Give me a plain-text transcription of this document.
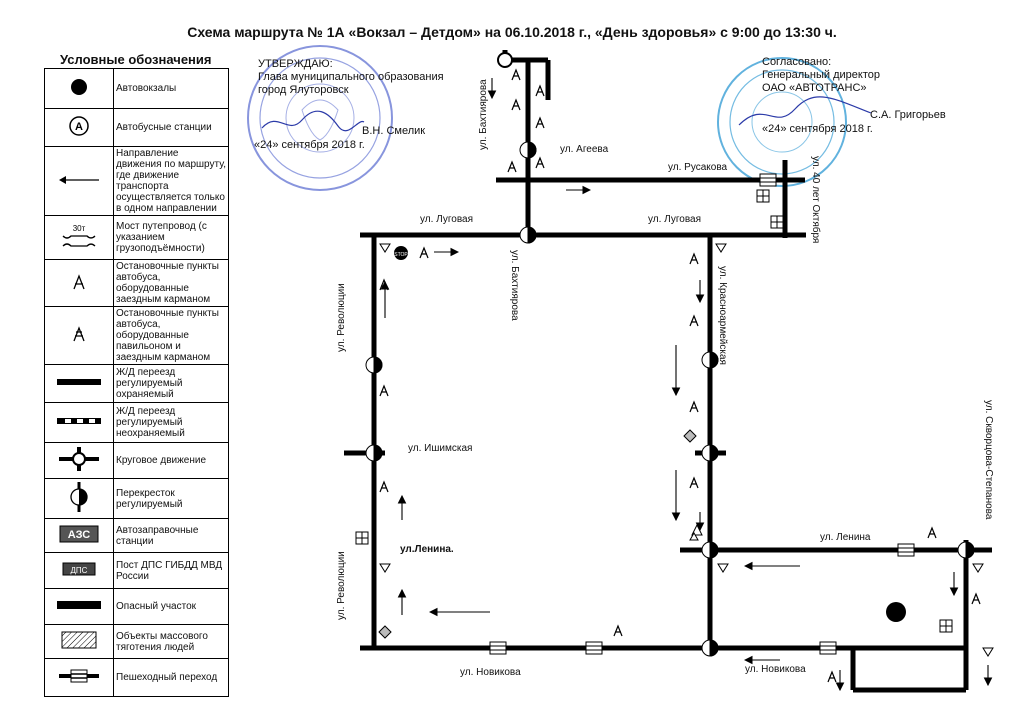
Схема маршрута № 1А «Вокзал – Детдом» на 06.10.2018 г., «День здоровья» с 9:00 до 13:30 ч.
Условные обозначения
	Автовокзалы

A	Автобусные станции
	Направление движения по маршруту, где движение транспорта осуществляется только в одном направлении

30т	Мост путепровод (с указанием грузоподъёмности)
	Остановочные пункты автобуса, оборудованные заездным карманом
	Остановочные пункты автобуса, оборудованные павильоном и заездным карманом
	Ж/Д переезд регулируемый охраняемый
	Ж/Д переезд регулируемый неохраняемый
	Круговое движение
	Перекресток регулируемый

АЗС	Автозаправочные станции

ДПС	Пост ДПС ГИБДД МВД России
	Опасный участок
	Объекты массового тяготения людей
	Пешеходный переход
УТВЕРЖДАЮ:
Глава муниципального образования
город Ялуторовск
В.Н. Смелик
«24» сентября 2018 г.
Согласовано:
Генеральный директор
ОАО «АВТОТРАНС»
С.А. Григорьев
«24» сентября 2018 г.
STOP
ул. Бахтиярова	ул. Агеева
ул. Русакова	ул. 40 лет Октября
ул. Луговая	ул. Луговая
ул. Бахтиярова
ул. Революции	ул. Красноармейская
ул. Ишимская
ул.Ленина.
ул. Революции
ул. Скворцова-Степанова
ул. Ленина
ул. Новикова	ул. Новикова
